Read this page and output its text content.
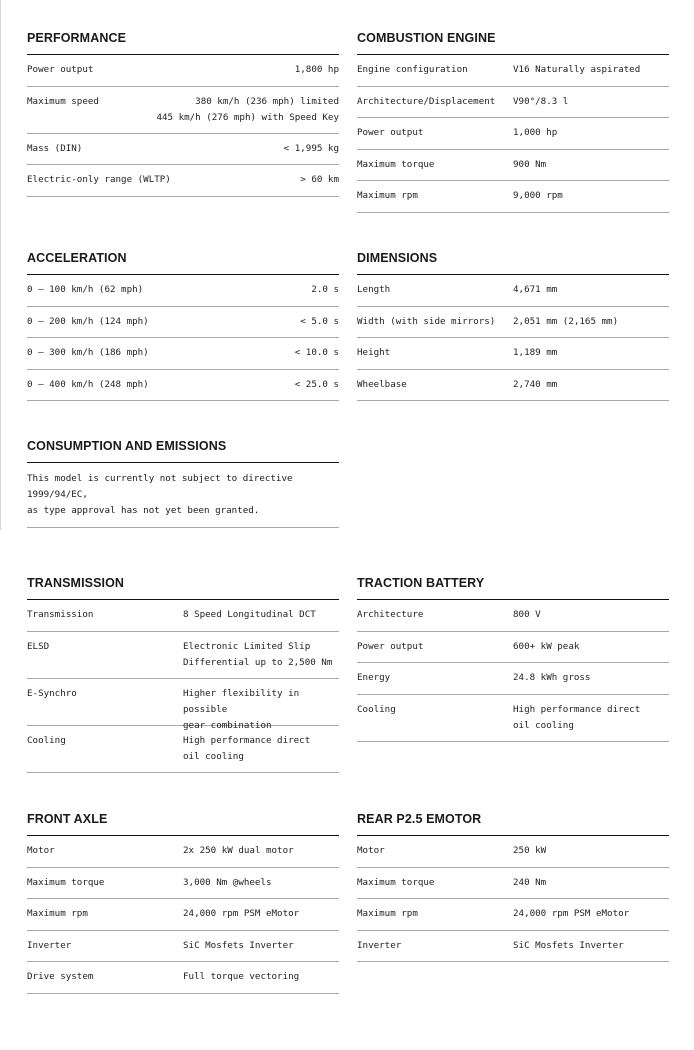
PERFORMANCE
Power output	1,800 hp
Maximum speed	380 km/h (236 mph) limited
445 km/h (276 mph) with Speed Key
Mass (DIN)	< 1,995 kg
Electric-only range (WLTP)	> 60 km
COMBUSTION ENGINE
Engine configuration	V16 Naturally aspirated
Architecture/Displacement	V90°/8.3 l
Power output	1,000 hp
Maximum torque	900 Nm
Maximum rpm	9,000 rpm
ACCELERATION
0 – 100 km/h (62 mph)	2.0 s
0 – 200 km/h (124 mph)	< 5.0 s
0 – 300 km/h (186 mph)	< 10.0 s
0 – 400 km/h (248 mph)	< 25.0 s
DIMENSIONS
Length	4,671 mm
Width (with side mirrors)	2,051 mm (2,165 mm)
Height	1,189 mm
Wheelbase	2,740 mm
CONSUMPTION AND EMISSIONS
This model is currently not subject to directive 1999/94/EC,
as type approval has not yet been granted.
TRANSMISSION
Transmission	8 Speed Longitudinal DCT
ELSD	Electronic Limited Slip
Differential up to 2,500 Nm
E-Synchro	Higher flexibility in possible
gear combination
Cooling	High performance direct
oil cooling
TRACTION BATTERY
Architecture	800 V
Power output	600+ kW peak
Energy	24.8 kWh gross
Cooling	High performance direct
oil cooling
FRONT AXLE
Motor	2x 250 kW dual motor
Maximum torque	3,000 Nm @wheels
Maximum rpm	24,000 rpm PSM eMotor
Inverter	SiC Mosfets Inverter
Drive system	Full torque vectoring
REAR P2.5 EMOTOR
Motor	250 kW
Maximum torque	240 Nm
Maximum rpm	24,000 rpm PSM eMotor
Inverter	SiC Mosfets Inverter
